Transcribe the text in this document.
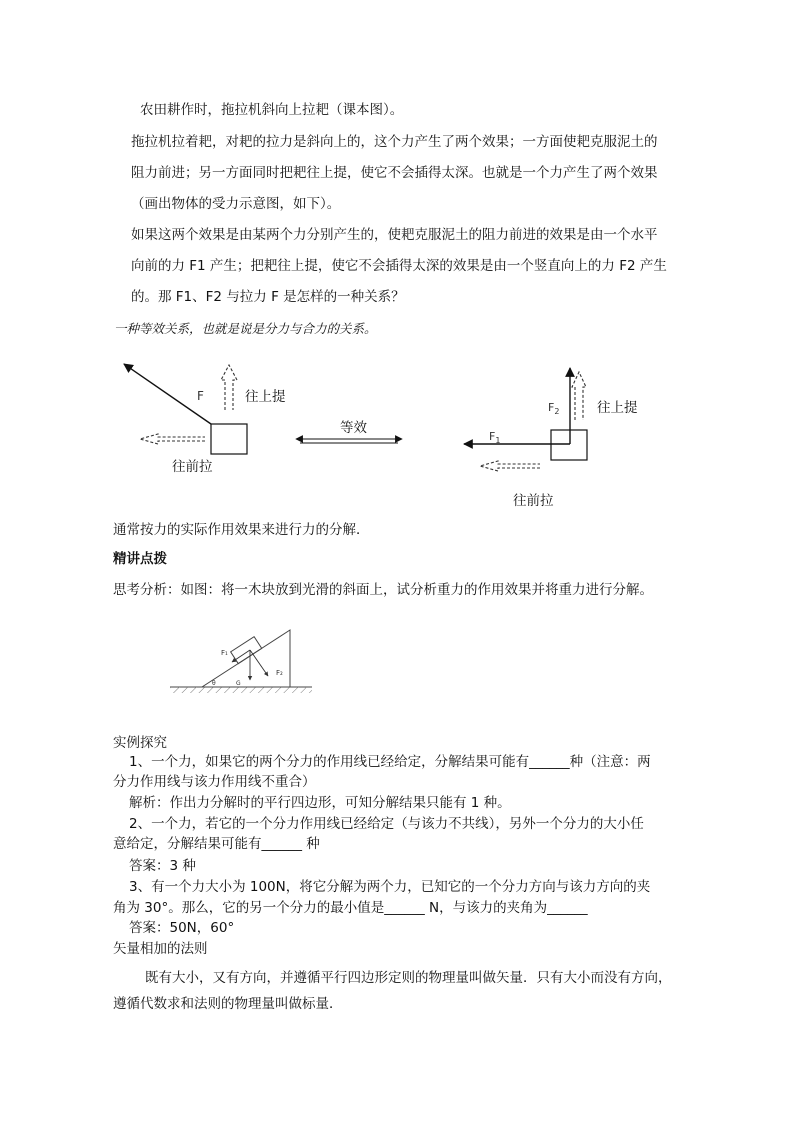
农田耕作时，拖拉机斜向上拉耙（课本图）。
拖拉机拉着耙，对耙的拉力是斜向上的，这个力产生了两个效果；一方面使耙克服泥土的
阻力前进；另一方面同时把耙往上提，使它不会插得太深。也就是一个力产生了两个效果
（画出物体的受力示意图，如下）。
如果这两个效果是由某两个力分别产生的，使耙克服泥土的阻力前进的效果是由一个水平
向前的力 F1 产生；把耙往上提，使它不会插得太深的效果是由一个竖直向上的力 F2 产生
的。那 F1、F2 与拉力 F 是怎样的一种关系？
一种等效关系，也就是说是分力与合力的关系。
F	往上提
往前拉
等效
$F_2$
$F_1$
往上提
往前拉
通常按力的实际作用效果来进行力的分解．
精讲点拨
思考分析：如图：将一木块放到光滑的斜面上，试分析重力的作用效果并将重力进行分解。
F₁
F₂
θ	G
实例探究
1、一个力，如果它的两个分力的作用线已经给定，分解结果可能有______种（注意：两
分力作用线与该力作用线不重合）
解析：作出力分解时的平行四边形，可知分解结果只能有 1 种。
2、一个力，若它的一个分力作用线已经给定（与该力不共线），另外一个分力的大小任
意给定，分解结果可能有______ 种
答案：3 种
3、有一个力大小为 100N，将它分解为两个力，已知它的一个分力方向与该力方向的夹
角为 30°。那么，它的另一个分力的最小值是______ N，与该力的夹角为______
答案：50N，60°
矢量相加的法则
既有大小，又有方向，并遵循平行四边形定则的物理量叫做矢量．只有大小而没有方向，
遵循代数求和法则的物理量叫做标量．
